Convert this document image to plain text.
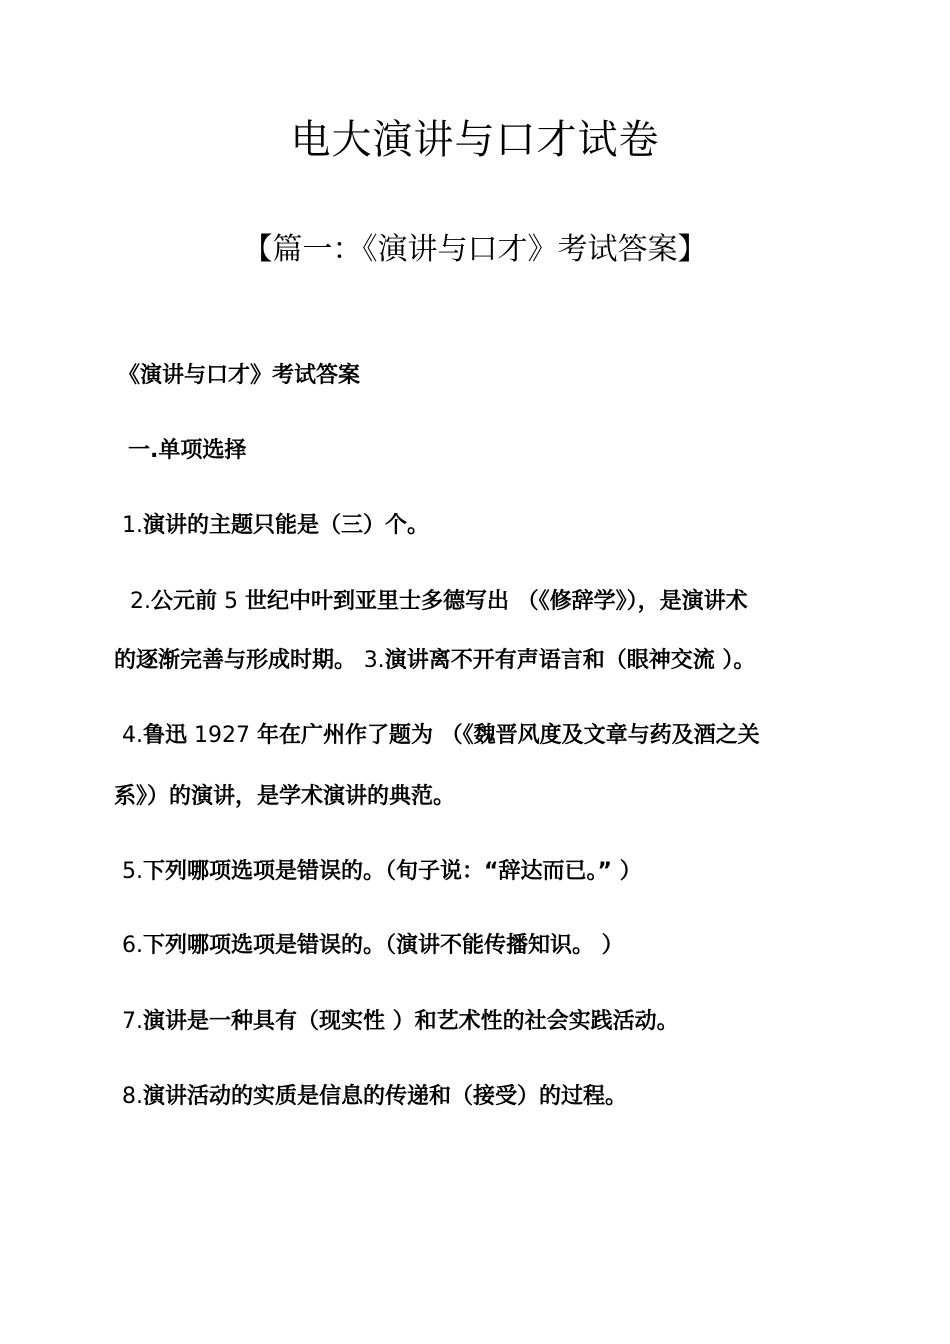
电大演讲与口才试卷
【篇一：《演讲与口才》考试答案】
《演讲与口才》考试答案
一.单项选择
1.演讲的主题只能是（三）个。
2.公元前 5 世纪中叶到亚里士多德写出 （《修辞学》），是演讲术
的逐渐完善与形成时期。 3.演讲离不开有声语言和（眼神交流 ）。
4.鲁迅 1927 年在广州作了题为 （《魏晋风度及文章与药及酒之关
系》）的演讲，是学术演讲的典范。
5.下列哪项选项是错误的。（旬子说：“辞达而已。” ）
6.下列哪项选项是错误的。（演讲不能传播知识。 ）
7.演讲是一种具有（现实性 ）和艺术性的社会实践活动。
8.演讲活动的实质是信息的传递和（接受）的过程。
